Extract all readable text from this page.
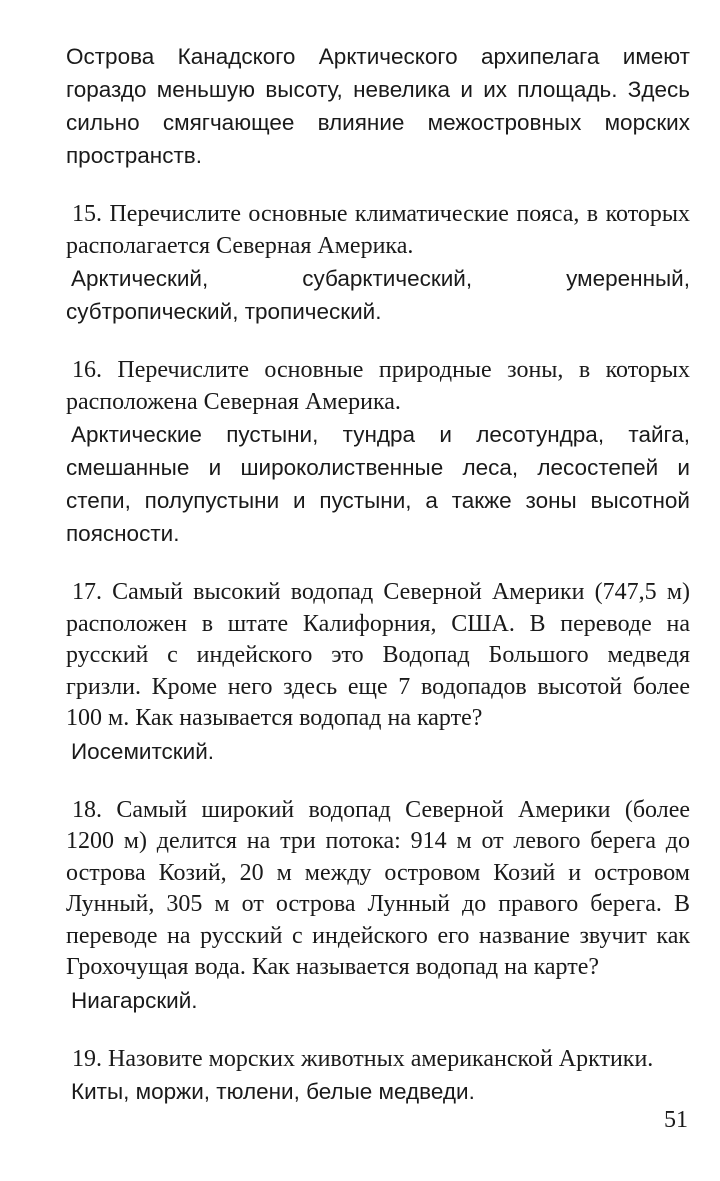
Острова Канадского Арктического архипелага имеют гораздо меньшую высоту, невелика и их площадь. Здесь сильно смягчающее влияние межостровных морских пространств.

15. Перечислите основные климатические пояса, в которых располагается Северная Америка.

Арктический, субарктический, умеренный, субтропический, тропический.

16. Перечислите основные природные зоны, в которых расположена Северная Америка.

Арктические пустыни, тундра и лесотундра, тайга, смешанные и широколиственные леса, лесостепей и степи, полупустыни и пустыни, а также зоны высотной поясности.

17. Самый высокий водопад Северной Америки (747,5 м) расположен в штате Калифорния, США. В переводе на русский с индейского это Водопад Большого медведя гризли. Кроме него здесь еще 7 водопадов высотой более 100 м. Как называется водопад на карте?

Иосемитский.

18. Самый широкий водопад Северной Америки (более 1200 м) делится на три потока: 914 м от левого берега до острова Козий, 20 м между островом Козий и островом Лунный, 305 м от острова Лунный до правого берега. В переводе на русский с индейского его название звучит как Грохочущая вода. Как называется водопад на карте?

Ниагарский.

19. Назовите морских животных американской Арктики.

Киты, моржи, тюлени, белые медведи.

51
